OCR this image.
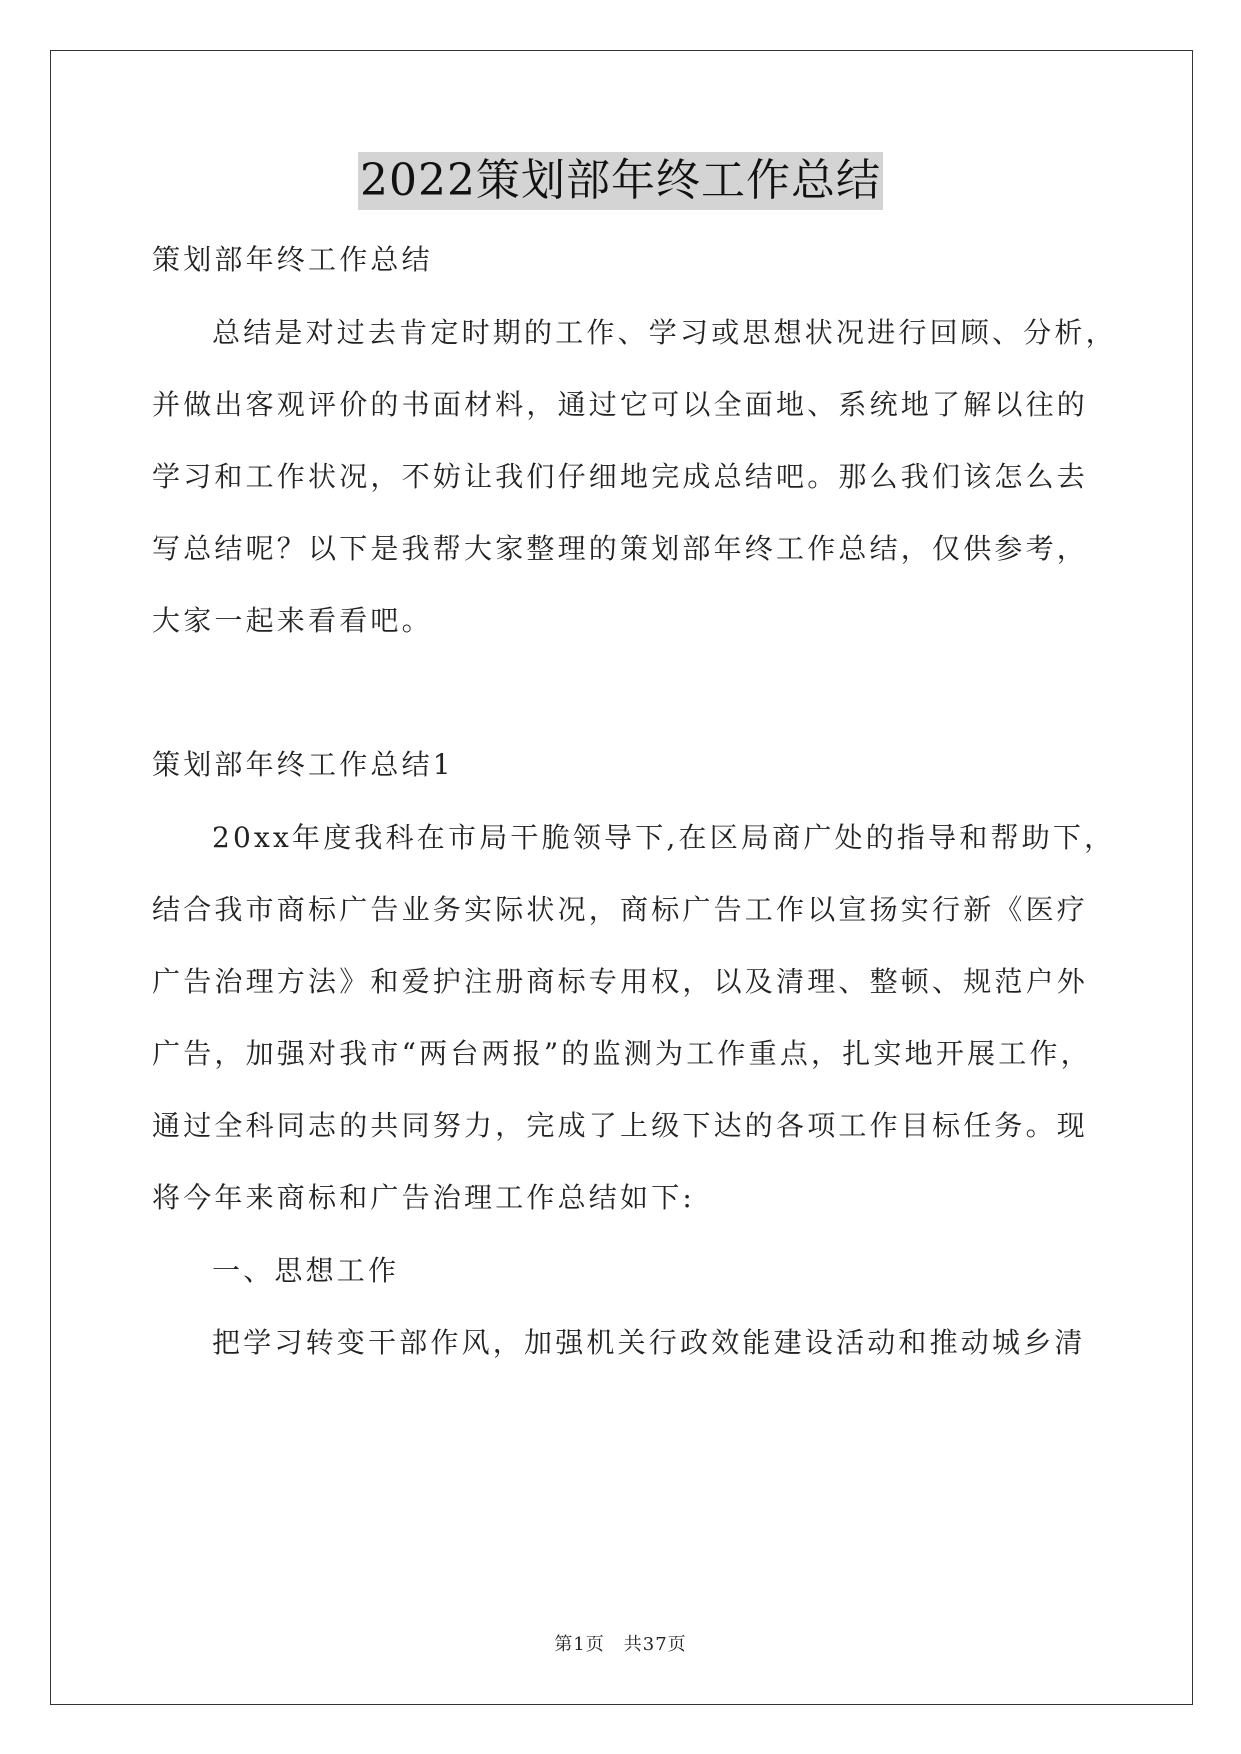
2022策划部年终工作总结
策划部年终工作总结
总结是对过去肯定时期的工作、学习或思想状况进行回顾、分析，
并做出客观评价的书面材料，通过它可以全面地、系统地了解以往的
学习和工作状况，不妨让我们仔细地完成总结吧。那么我们该怎么去
写总结呢？以下是我帮大家整理的策划部年终工作总结，仅供参考，
大家一起来看看吧。
策划部年终工作总结1
20xx年度我科在市局干脆领导下,在区局商广处的指导和帮助下，
结合我市商标广告业务实际状况，商标广告工作以宣扬实行新《医疗
广告治理方法》和爱护注册商标专用权，以及清理、整顿、规范户外
广告，加强对我市“两台两报”的监测为工作重点，扎实地开展工作，
通过全科同志的共同努力，完成了上级下达的各项工作目标任务。现
将今年来商标和广告治理工作总结如下:
一、思想工作
把学习转变干部作风，加强机关行政效能建设活动和推动城乡清
第1页　共37页
